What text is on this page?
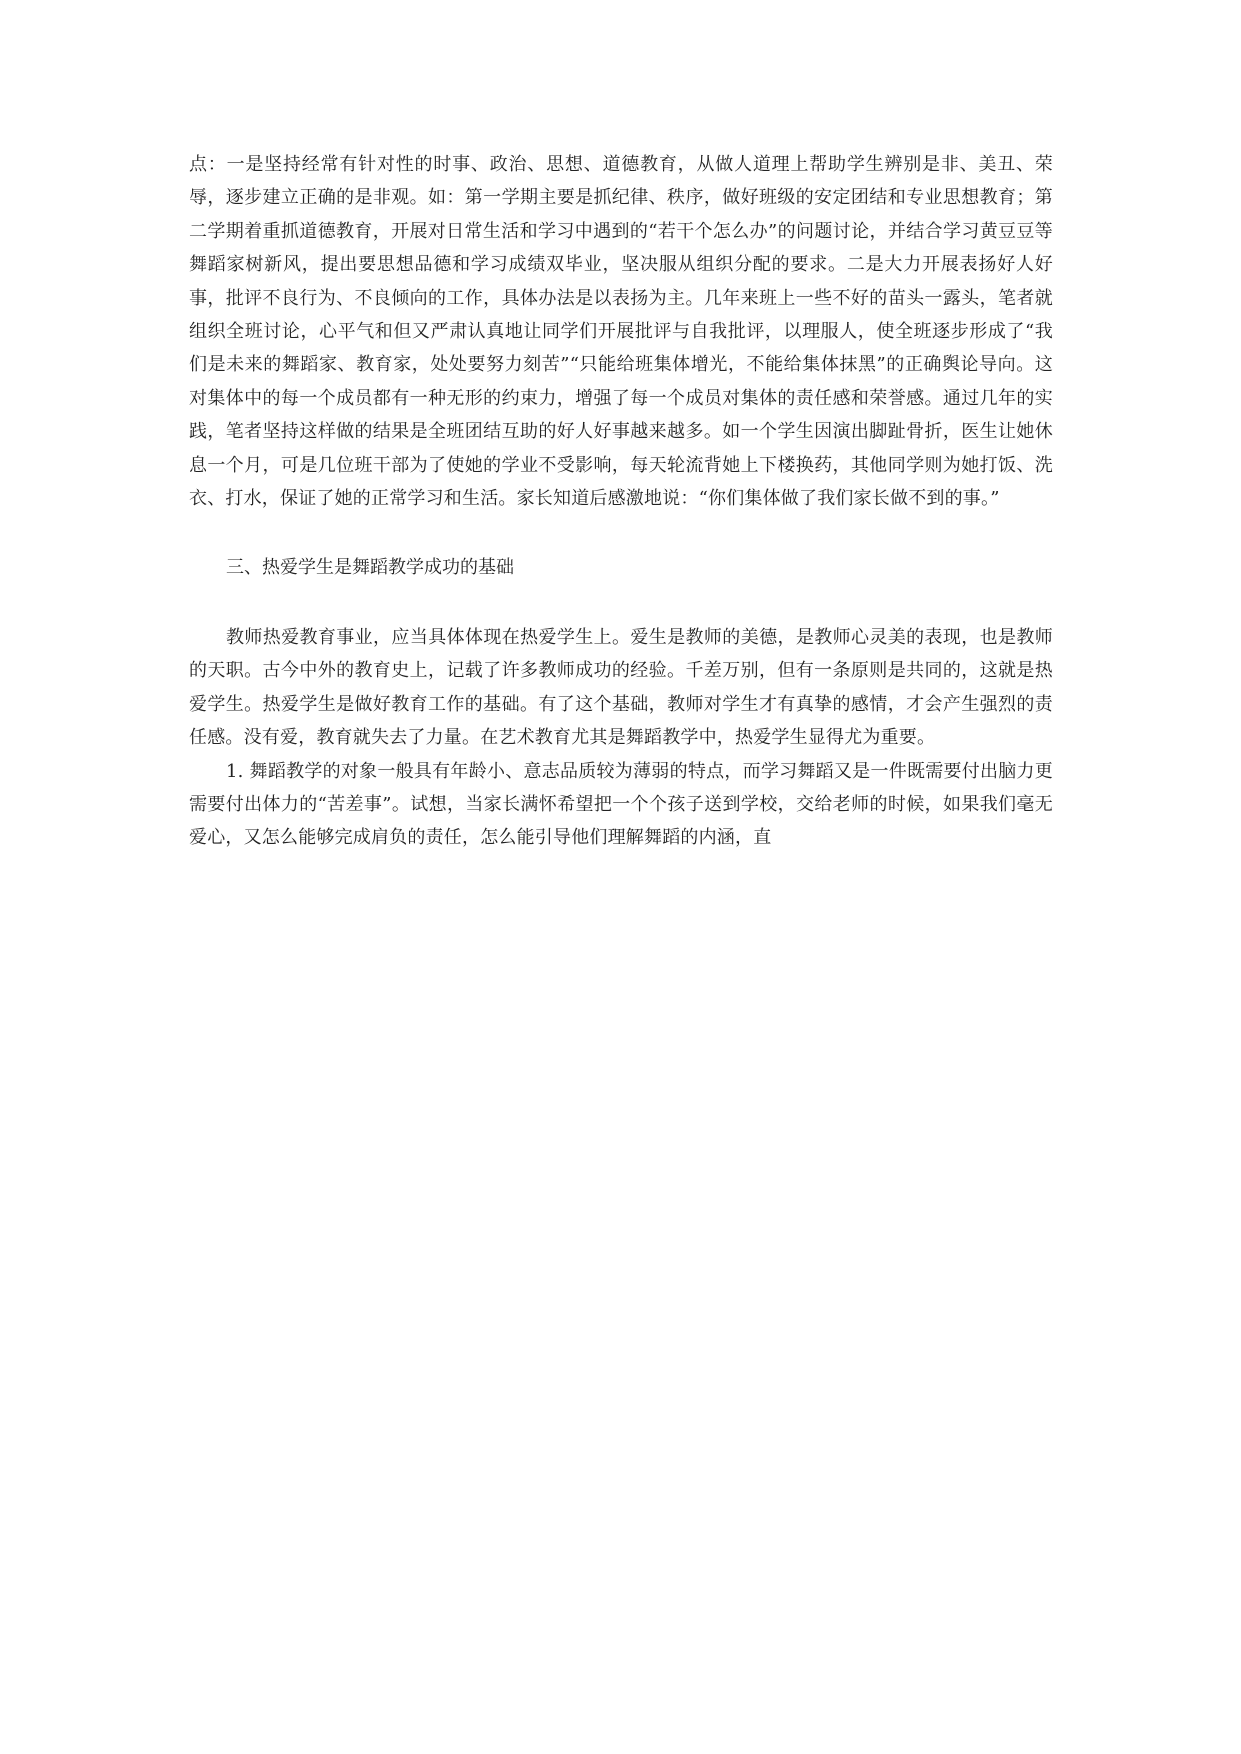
点：一是坚持经常有针对性的时事、政治、思想、道德教育，从做人道理上帮助学生辨别是非、美丑、荣辱，逐步建立正确的是非观。如：第一学期主要是抓纪律、秩序，做好班级的安定团结和专业思想教育；第二学期着重抓道德教育，开展对日常生活和学习中遇到的“若干个怎么办”的问题讨论，并结合学习黄豆豆等舞蹈家树新风，提出要思想品德和学习成绩双毕业，坚决服从组织分配的要求。二是大力开展表扬好人好事，批评不良行为、不良倾向的工作，具体办法是以表扬为主。几年来班上一些不好的苗头一露头，笔者就组织全班讨论，心平气和但又严肃认真地让同学们开展批评与自我批评，以理服人，使全班逐步形成了“我们是未来的舞蹈家、教育家，处处要努力刻苦”“只能给班集体增光，不能给集体抹黑”的正确舆论导向。这对集体中的每一个成员都有一种无形的约束力，增强了每一个成员对集体的责任感和荣誉感。通过几年的实践，笔者坚持这样做的结果是全班团结互助的好人好事越来越多。如一个学生因演出脚趾骨折，医生让她休息一个月，可是几位班干部为了使她的学业不受影响，每天轮流背她上下楼换药，其他同学则为她打饭、洗衣、打水，保证了她的正常学习和生活。家长知道后感激地说：“你们集体做了我们家长做不到的事。”

三、热爱学生是舞蹈教学成功的基础

教师热爱教育事业，应当具体体现在热爱学生上。爱生是教师的美德，是教师心灵美的表现，也是教师的天职。古今中外的教育史上，记载了许多教师成功的经验。千差万别，但有一条原则是共同的，这就是热爱学生。热爱学生是做好教育工作的基础。有了这个基础，教师对学生才有真挚的感情，才会产生强烈的责任感。没有爱，教育就失去了力量。在艺术教育尤其是舞蹈教学中，热爱学生显得尤为重要。

1. 舞蹈教学的对象一般具有年龄小、意志品质较为薄弱的特点，而学习舞蹈又是一件既需要付出脑力更需要付出体力的“苦差事”。试想，当家长满怀希望把一个个孩子送到学校，交给老师的时候，如果我们毫无爱心，又怎么能够完成肩负的责任，怎么能引导他们理解舞蹈的内涵，直
